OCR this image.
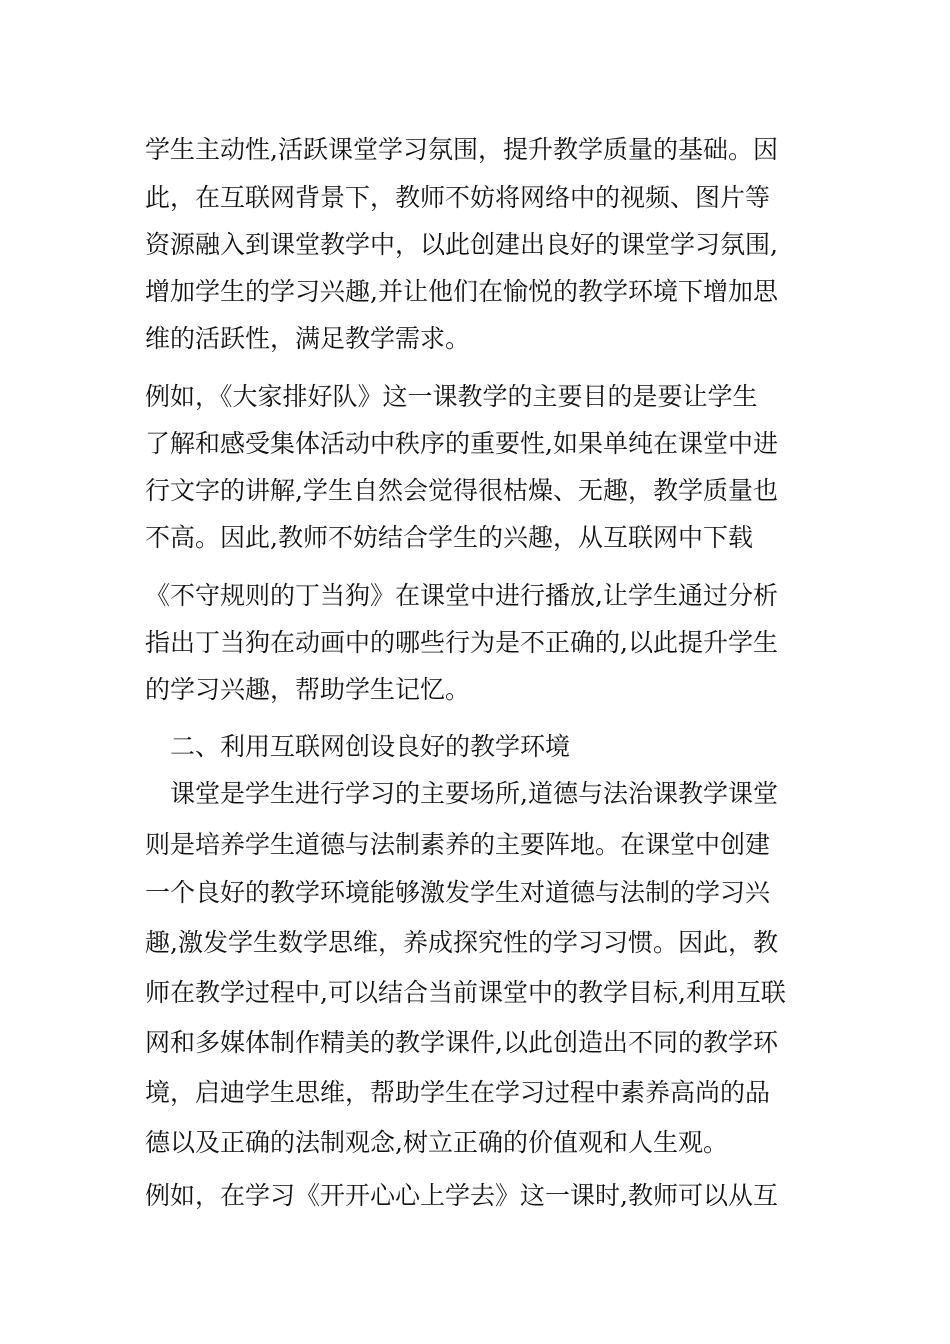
学生主动性,活跃课堂学习氛围，提升教学质量的基础。因

此，在互联网背景下，教师不妨将网络中的视频、图片等

资源融入到课堂教学中，以此创建出良好的课堂学习氛围,

增加学生的学习兴趣,并让他们在愉悦的教学环境下增加思

维的活跃性，满足教学需求。

例如，《大家排好队》这一课教学的主要目的是要让学生

了解和感受集体活动中秩序的重要性,如果单纯在课堂中进

行文字的讲解,学生自然会觉得很枯燥、无趣，教学质量也

不高。因此,教师不妨结合学生的兴趣，从互联网中下载

《不守规则的丁当狗》在课堂中进行播放,让学生通过分析

指出丁当狗在动画中的哪些行为是不正确的,以此提升学生

的学习兴趣，帮助学生记忆。

　二、利用互联网创设良好的教学环境

　课堂是学生进行学习的主要场所,道德与法治课教学课堂

则是培养学生道德与法制素养的主要阵地。在课堂中创建

一个良好的教学环境能够激发学生对道德与法制的学习兴

趣,激发学生数学思维，养成探究性的学习习惯。因此，教

师在教学过程中,可以结合当前课堂中的教学目标,利用互联

网和多媒体制作精美的教学课件,以此创造出不同的教学环

境，启迪学生思维，帮助学生在学习过程中素养高尚的品

德以及正确的法制观念,树立正确的价值观和人生观。

例如，在学习《开开心心上学去》这一课时,教师可以从互
